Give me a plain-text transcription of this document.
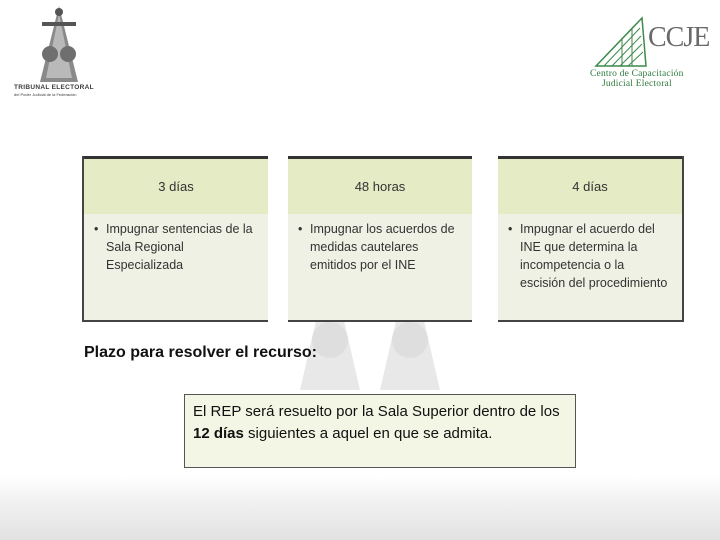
TRIBUNAL ELECTORAL
del Poder Judicial de la Federación
CCJE
Centro de Capacitación
Judicial Electoral
3 días
• Impugnar sentencias de la Sala Regional Especializada
48 horas
• Impugnar los acuerdos de medidas cautelares emitidos por el INE
4 días
• Impugnar el acuerdo del INE que determina la incompetencia o la escisión del procedimiento
Plazo para resolver el recurso:
El REP será resuelto por la Sala Superior dentro de los 12 días siguientes a aquel en que se admita.
